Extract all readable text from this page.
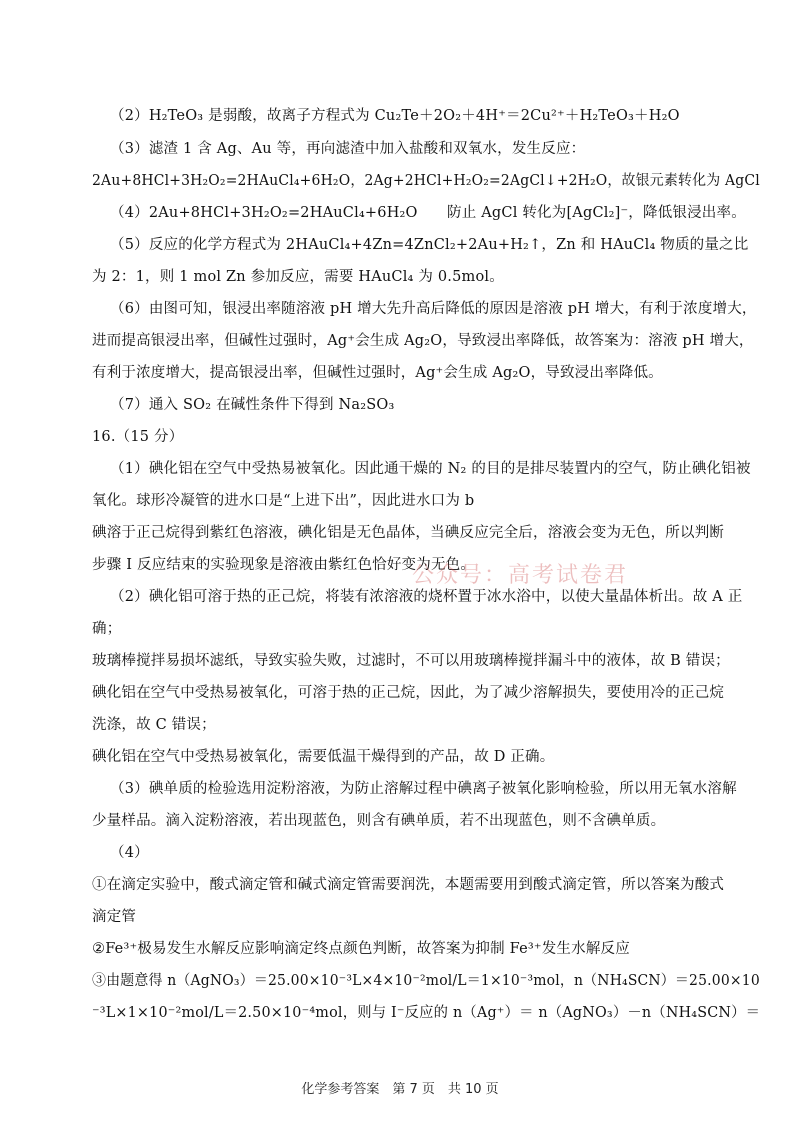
（2）H₂TeO₃ 是弱酸，故离子方程式为 Cu₂Te＋2O₂＋4H⁺＝2Cu²⁺＋H₂TeO₃＋H₂O
（3）滤渣 1 含 Ag、Au 等，再向滤渣中加入盐酸和双氧水，发生反应：
2Au+8HCl+3H₂O₂=2HAuCl₄+6H₂O，2Ag+2HCl+H₂O₂=2AgCl↓+2H₂O，故银元素转化为 AgCl
（4）2Au+8HCl+3H₂O₂=2HAuCl₄+6H₂O　　防止 AgCl 转化为[AgCl₂]⁻，降低银浸出率。
（5）反应的化学方程式为 2HAuCl₄+4Zn=4ZnCl₂+2Au+H₂↑，Zn 和 HAuCl₄ 物质的量之比
为 2：1，则 1 mol Zn 参加反应，需要 HAuCl₄ 为 0.5mol。
（6）由图可知，银浸出率随溶液 pH 增大先升高后降低的原因是溶液 pH 增大，有利于浓度增大，
进而提高银浸出率，但碱性过强时，Ag⁺会生成 Ag₂O，导致浸出率降低，故答案为：溶液 pH 增大，
有利于浓度增大，提高银浸出率，但碱性过强时，Ag⁺会生成 Ag₂O，导致浸出率降低。
（7）通入 SO₂ 在碱性条件下得到 Na₂SO₃
16.（15 分）
（1）碘化铝在空气中受热易被氧化。因此通干燥的 N₂ 的目的是排尽装置内的空气，防止碘化铝被
氧化。球形冷凝管的进水口是“上进下出”，因此进水口为 b
碘溶于正己烷得到紫红色溶液，碘化铝是无色晶体，当碘反应完全后，溶液会变为无色，所以判断
步骤 I 反应结束的实验现象是溶液由紫红色恰好变为无色。
（2）碘化铝可溶于热的正己烷，将装有浓溶液的烧杯置于冰水浴中，以使大量晶体析出。故 A 正
确；
玻璃棒搅拌易损坏滤纸，导致实验失败，过滤时，不可以用玻璃棒搅拌漏斗中的液体，故 B 错误；
碘化铝在空气中受热易被氧化，可溶于热的正己烷，因此，为了减少溶解损失，要使用冷的正己烷
洗涤，故 C 错误；
碘化铝在空气中受热易被氧化，需要低温干燥得到的产品，故 D 正确。
（3）碘单质的检验选用淀粉溶液，为防止溶解过程中碘离子被氧化影响检验，所以用无氧水溶解
少量样品。滴入淀粉溶液，若出现蓝色，则含有碘单质，若不出现蓝色，则不含碘单质。
（4）
①在滴定实验中，酸式滴定管和碱式滴定管需要润洗，本题需要用到酸式滴定管，所以答案为酸式
滴定管
②Fe³⁺极易发生水解反应影响滴定终点颜色判断，故答案为抑制 Fe³⁺发生水解反应
③由题意得 n（AgNO₃）＝25.00×10⁻³L×4×10⁻²mol/L＝1×10⁻³mol，n（NH₄SCN）＝25.00×10
⁻³L×1×10⁻²mol/L＝2.50×10⁻⁴mol，则与 I⁻反应的 n（Ag⁺）＝ n（AgNO₃）－n（NH₄SCN）＝
公众号：高考试卷君
化学参考答案　第 7 页　共 10 页
